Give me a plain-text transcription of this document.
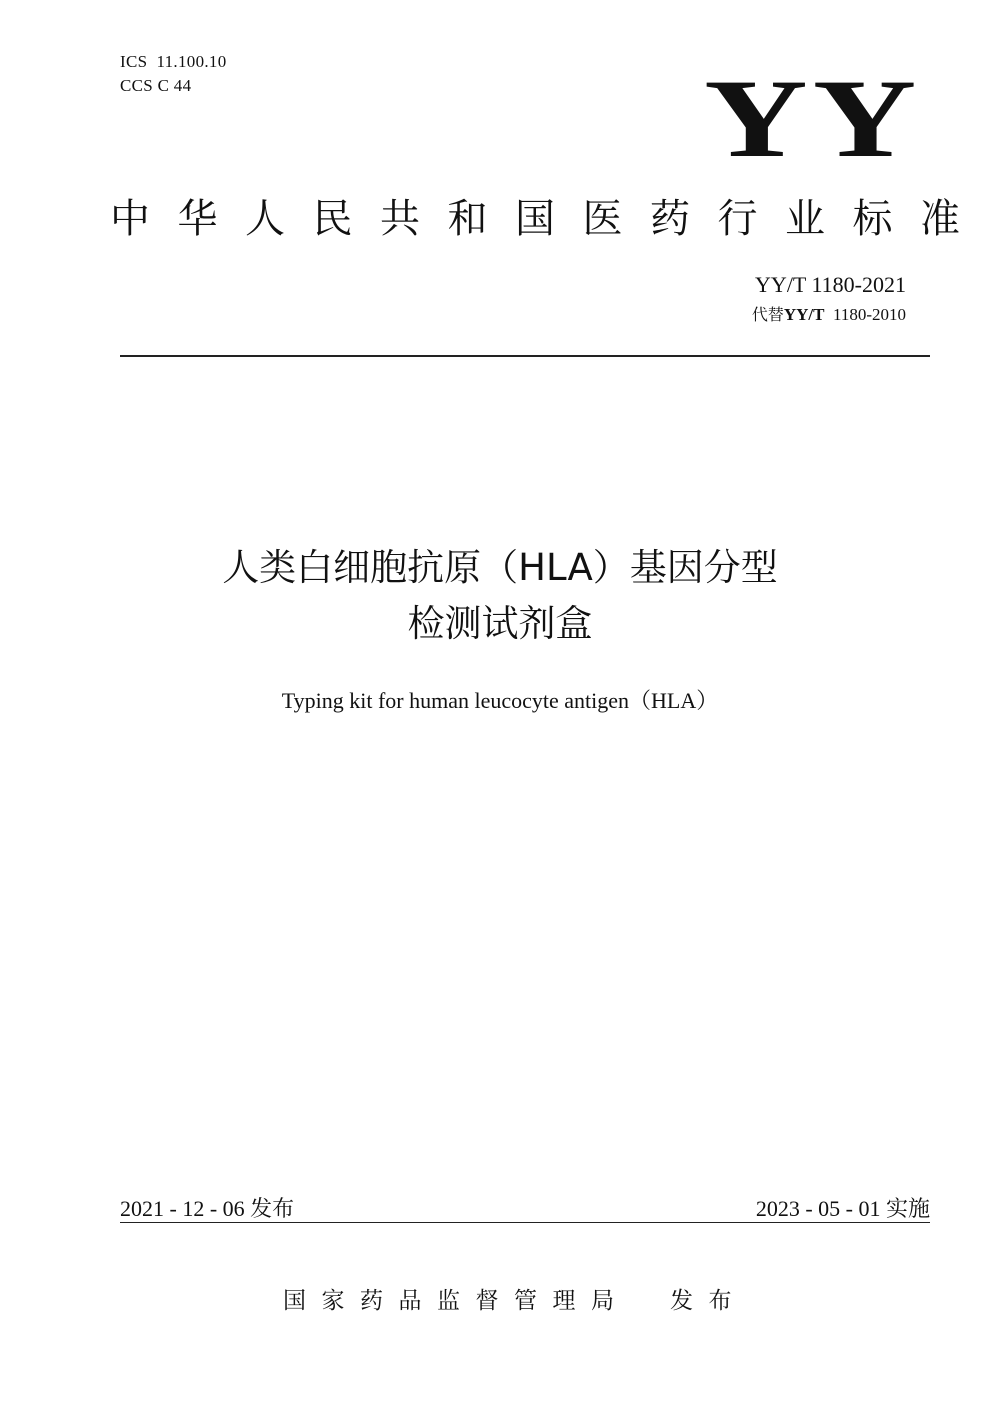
ICS  11.100.10
CCS C 44	YY
中华人民共和国医药行业标准
YY/T 1180-2021
代替YY/T  1180-2010
人类白细胞抗原（HLA）基因分型
检测试剂盒
Typing kit for human leucocyte antigen（HLA）
2021 - 12 - 06 发布	2023 - 05 - 01 实施
国家药品监督管理局 发布
